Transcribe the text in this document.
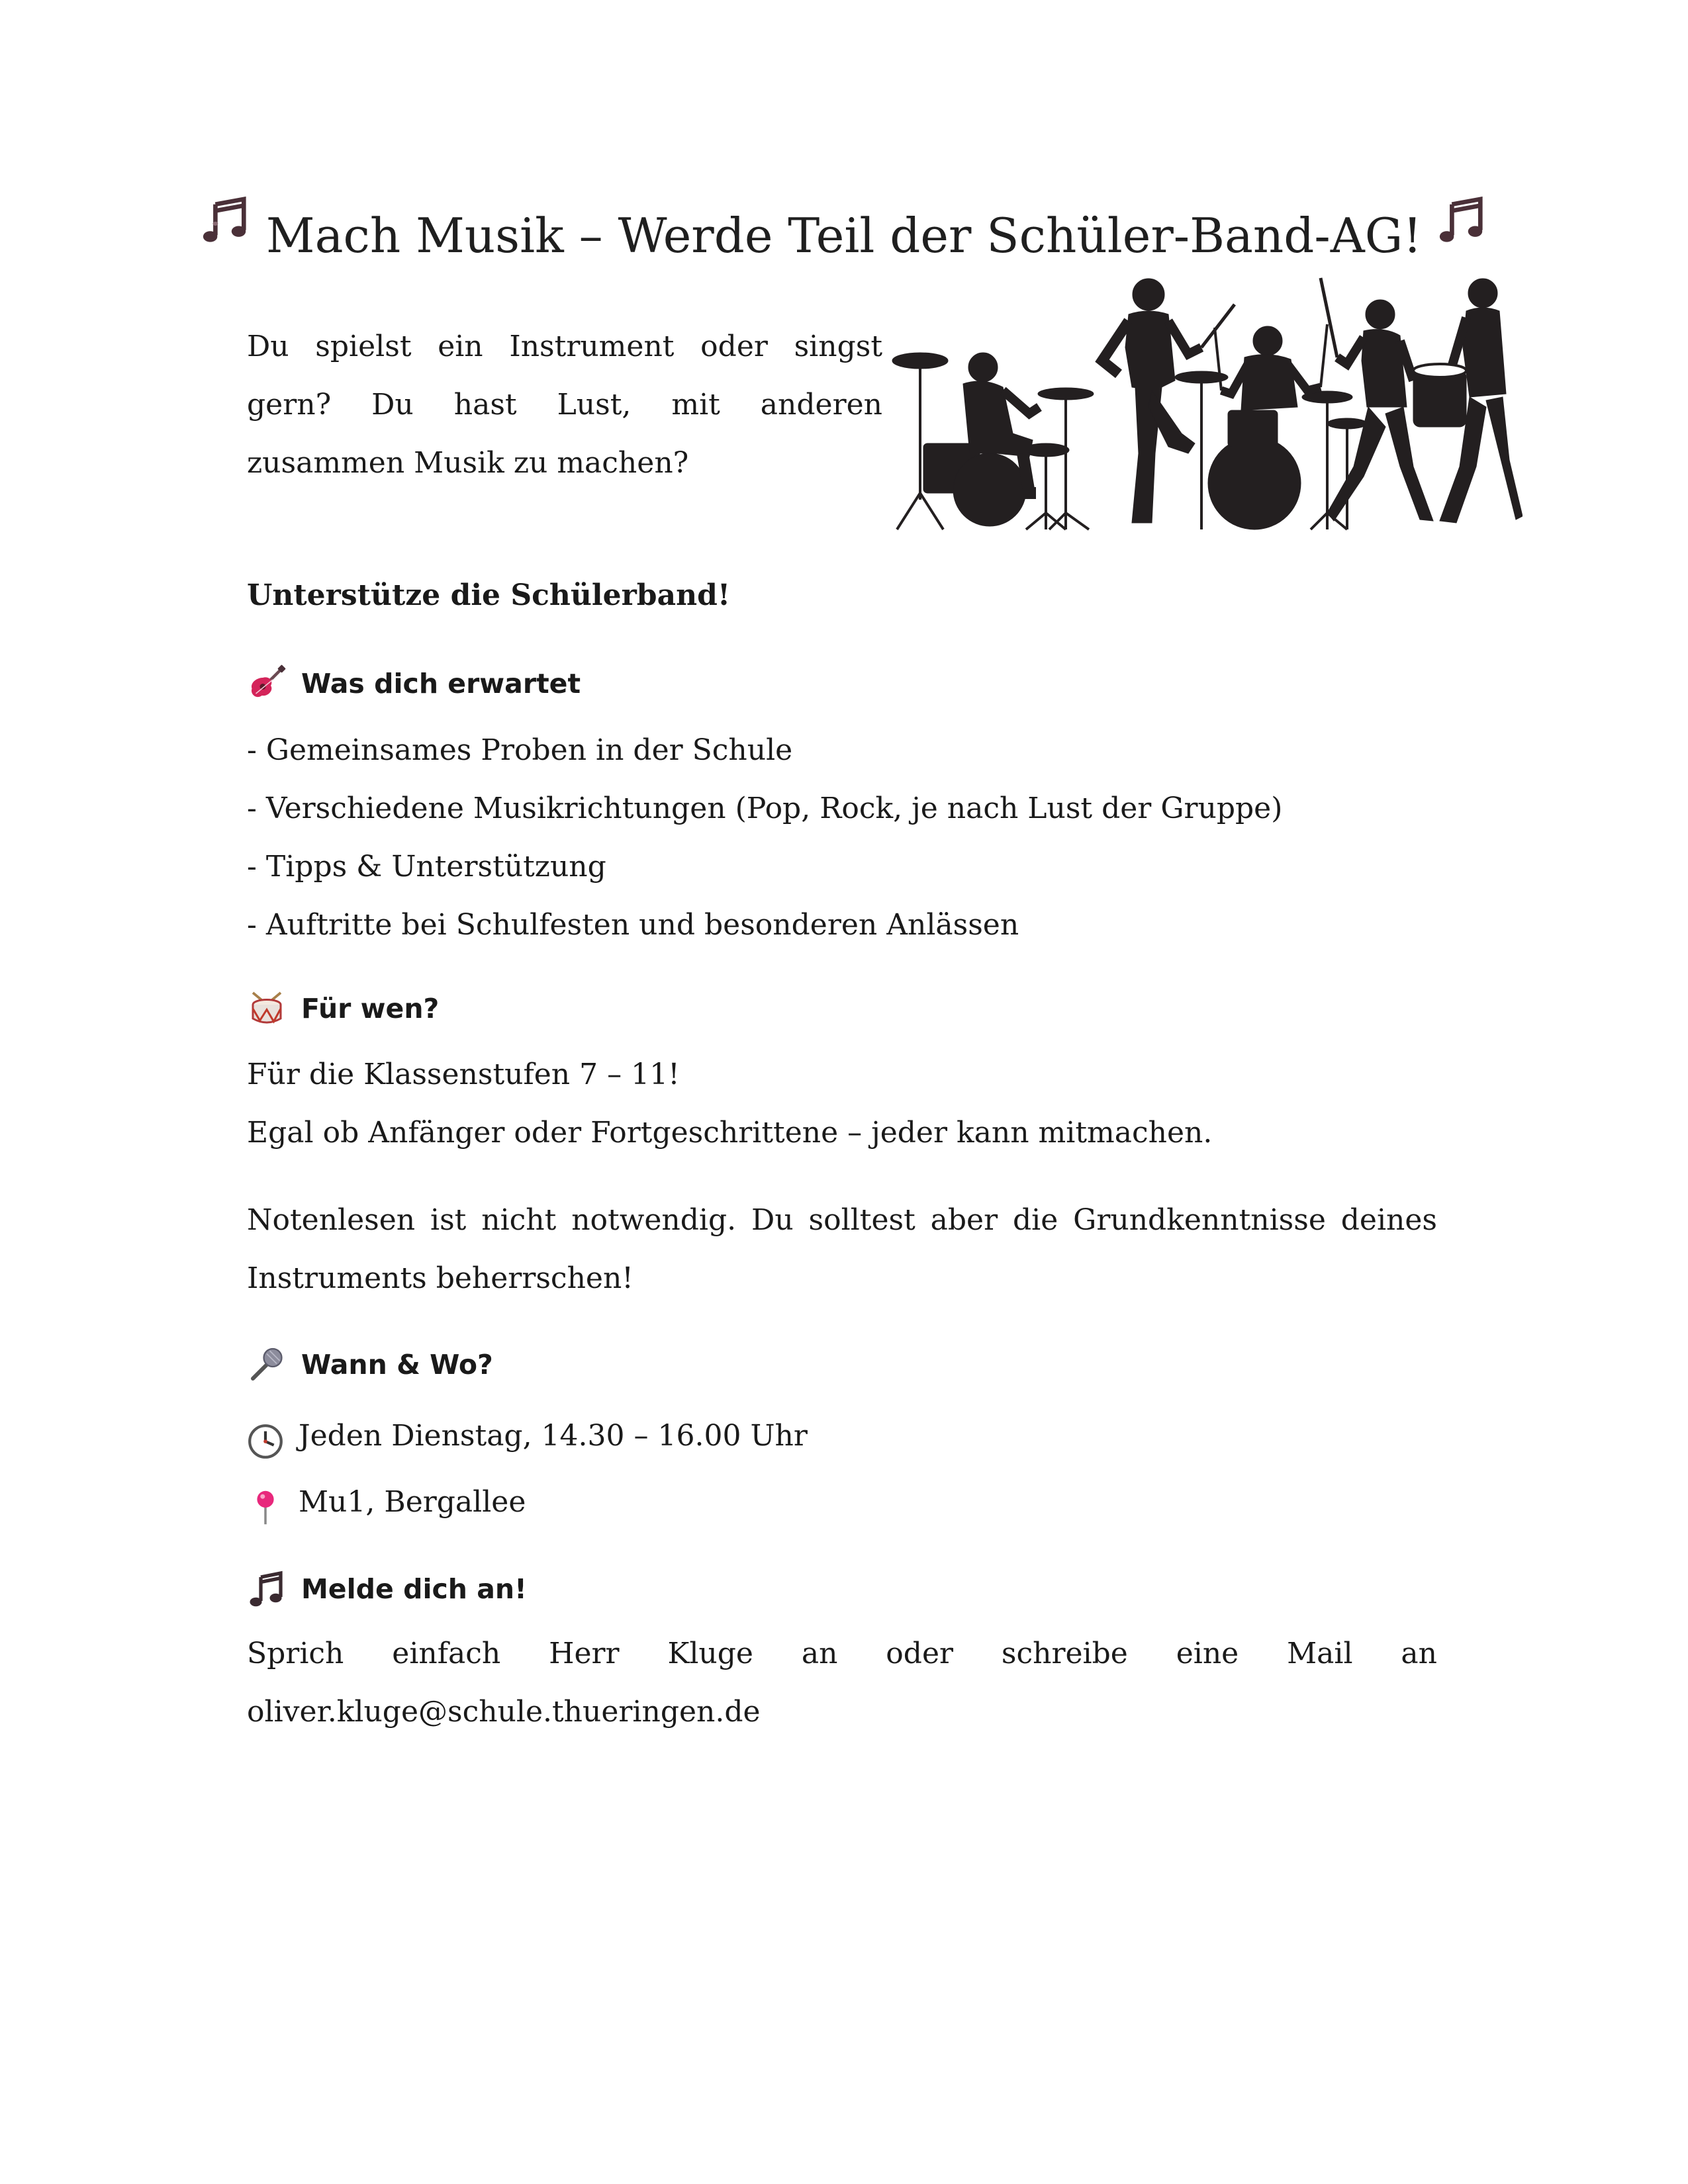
Mach Musik – Werde Teil der Schüler-Band-AG!
Du spielst ein Instrument oder singst gern? Du hast Lust, mit anderen zusammen Musik zu machen?
Unterstütze die Schülerband!
Was dich erwartet
- Gemeinsames Proben in der Schule
- Verschiedene Musikrichtungen (Pop, Rock, je nach Lust der Gruppe)
- Tipps & Unterstützung
- Auftritte bei Schulfesten und besonderen Anlässen
Für wen?
Für die Klassenstufen 7 – 11!
Egal ob Anfänger oder Fortgeschrittene – jeder kann mitmachen.
Notenlesen ist nicht notwendig. Du solltest aber die Grundkenntnisse deines Instruments beherrschen!
Wann & Wo?
Jeden Dienstag, 14.30 – 16.00 Uhr
Mu1, Bergallee
Melde dich an!
Sprich einfach Herr Kluge an oder schreibe eine Mail an
oliver.kluge@schule.thueringen.de
